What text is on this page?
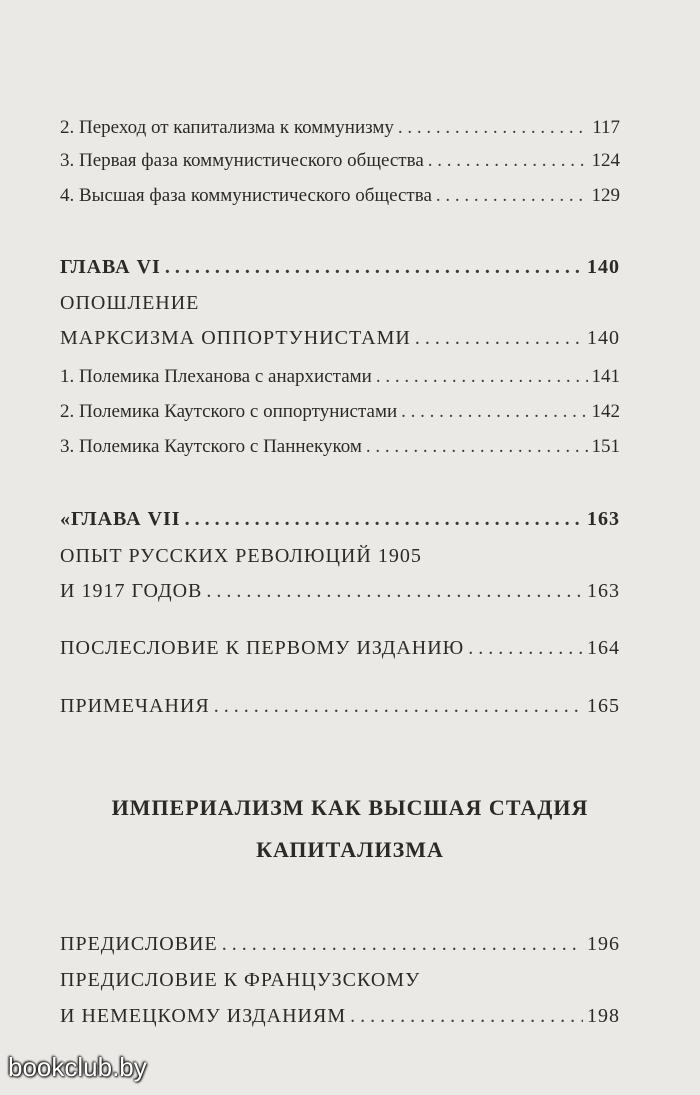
2. Переход от капитализма к коммунизму . . .	117
3. Первая фаза коммунистического общества . . .	124
4. Высшая фаза коммунистического общества . . .	129
ГЛАВА VI . . .	140
ОПОШЛЕНИЕ
МАРКСИЗМА ОППОРТУНИСТАМИ . . .	140
1. Полемика Плеханова с анархистами . . .	141
2. Полемика Каутского с оппортунистами . . .	142
3. Полемика Каутского с Паннекуком . . .	151
«ГЛАВА VII . . .	163
ОПЫТ РУССКИХ РЕВОЛЮЦИЙ 1905
И 1917 ГОДОВ . . .	163
ПОСЛЕСЛОВИЕ К ПЕРВОМУ ИЗДАНИЮ . . .	164
ПРИМЕЧАНИЯ . . .	165
ИМПЕРИАЛИЗМ КАК ВЫСШАЯ СТАДИЯ
КАПИТАЛИЗМА
ПРЕДИСЛОВИЕ . . .	196
ПРЕДИСЛОВИЕ К ФРАНЦУЗСКОМУ
И НЕМЕЦКОМУ ИЗДАНИЯМ . . .	198
bookclub.by
